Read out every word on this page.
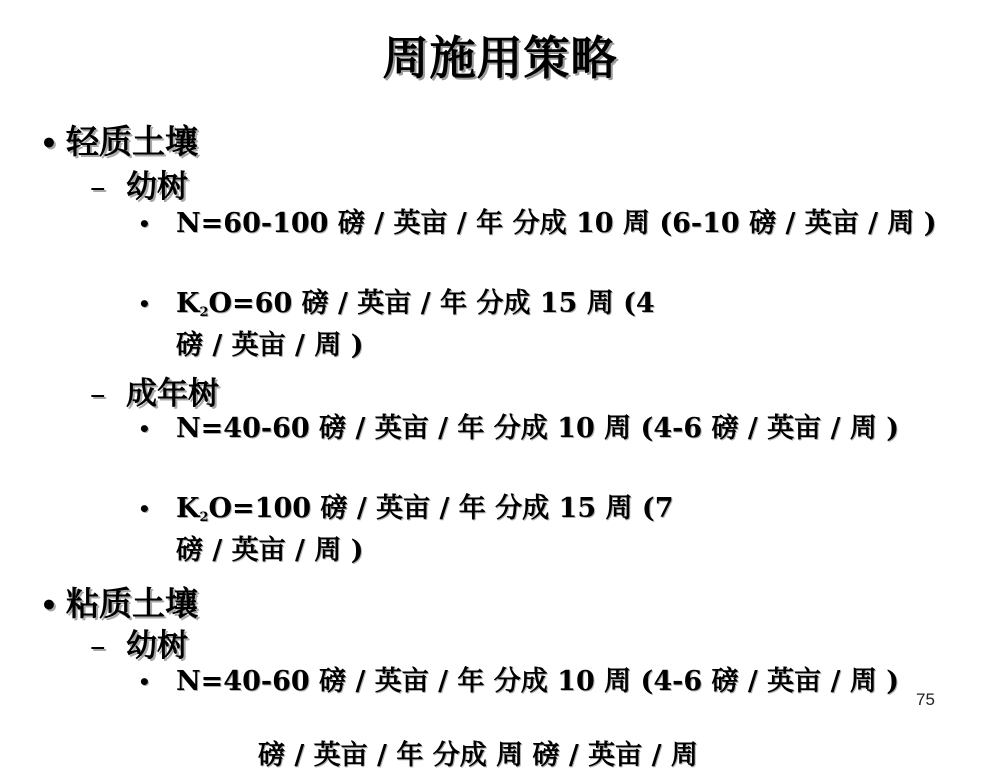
周施用策略
• 轻质土壤
– 幼树
• N=60-100 磅 / 英亩 / 年 分成 10 周 (6-10 磅 / 英亩 / 周 )
• $K_2O=60$ 磅 / 英亩 / 年 分成 15 周 (4
磅 / 英亩 / 周 )
– 成年树
• N=40-60 磅 / 英亩 / 年 分成 10 周 (4-6 磅 / 英亩 / 周 )
• $K_2O=100$ 磅 / 英亩 / 年 分成 15 周 (7
磅 / 英亩 / 周 )
• 粘质土壤
– 幼树
• N=40-60 磅 / 英亩 / 年 分成 10 周 (4-6 磅 / 英亩 / 周 )
磅 / 英亩 / 年 分成 周 磅 / 英亩 / 周
75
